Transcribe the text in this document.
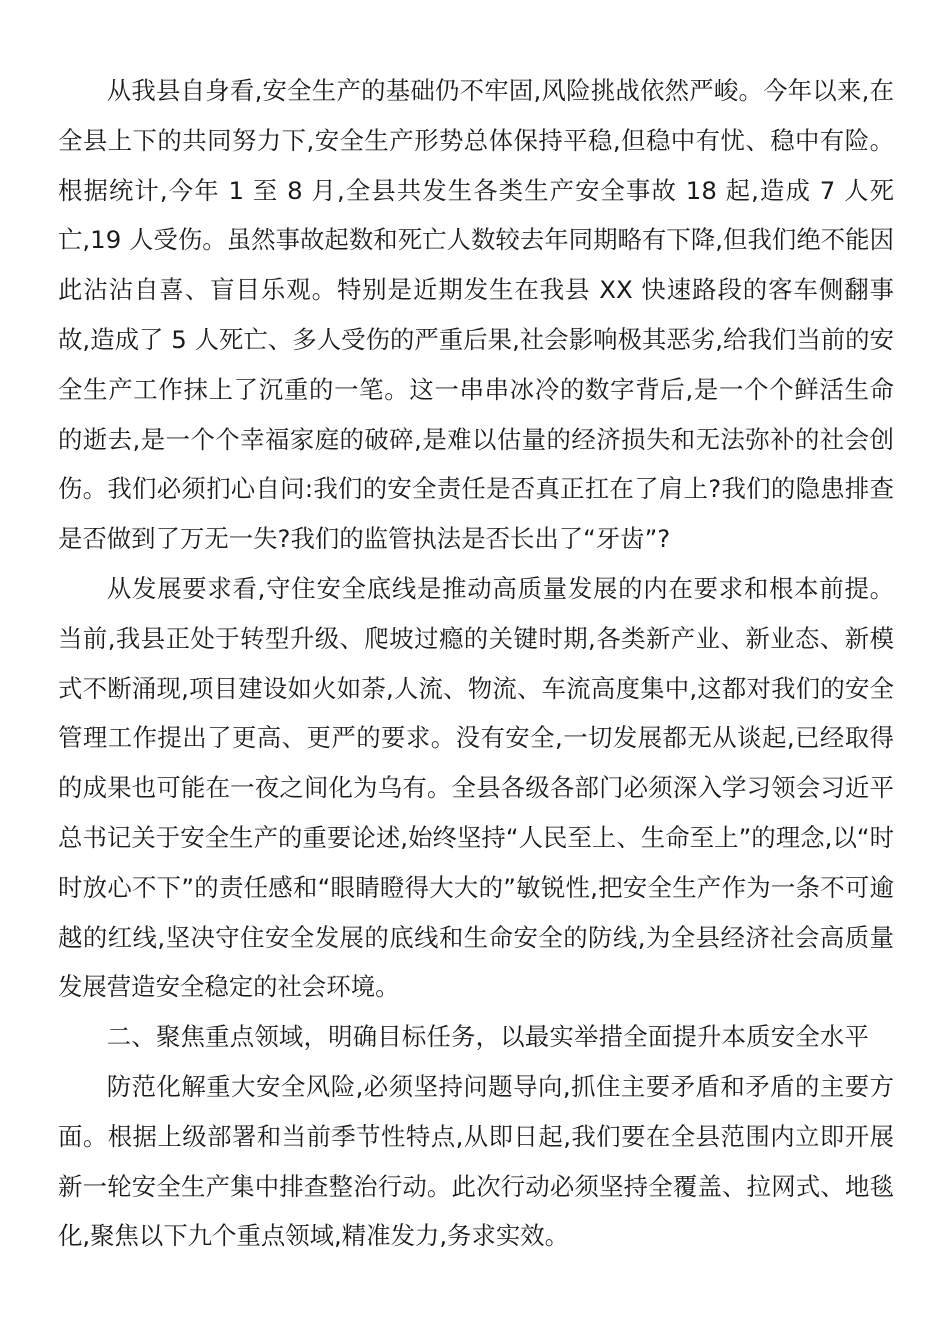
从我县自身看,安全生产的基础仍不牢固,风险挑战依然严峻。今年以来,在全县上下的共同努力下,安全生产形势总体保持平稳,但稳中有忧、稳中有险。根据统计,今年 1 至 8 月,全县共发生各类生产安全事故 18 起,造成 7 人死亡,19 人受伤。虽然事故起数和死亡人数较去年同期略有下降,但我们绝不能因此沾沾自喜、盲目乐观。特别是近期发生在我县 XX 快速路段的客车侧翻事故,造成了 5 人死亡、多人受伤的严重后果,社会影响极其恶劣,给我们当前的安全生产工作抹上了沉重的一笔。这一串串冰冷的数字背后,是一个个鲜活生命的逝去,是一个个幸福家庭的破碎,是难以估量的经济损失和无法弥补的社会创伤。我们必须扪心自问:我们的安全责任是否真正扛在了肩上?我们的隐患排查是否做到了万无一失?我们的监管执法是否长出了“牙齿”?

从发展要求看,守住安全底线是推动高质量发展的内在要求和根本前提。当前,我县正处于转型升级、爬坡过瘾的关键时期,各类新产业、新业态、新模式不断涌现,项目建设如火如荼,人流、物流、车流高度集中,这都对我们的安全管理工作提出了更高、更严的要求。没有安全,一切发展都无从谈起,已经取得的成果也可能在一夜之间化为乌有。全县各级各部门必须深入学习领会习近平总书记关于安全生产的重要论述,始终坚持“人民至上、生命至上”的理念,以“时时放心不下”的责任感和“眼睛瞪得大大的”敏锐性,把安全生产作为一条不可逾越的红线,坚决守住安全发展的底线和生命安全的防线,为全县经济社会高质量发展营造安全稳定的社会环境。

二、聚焦重点领域，明确目标任务，以最实举措全面提升本质安全水平

防范化解重大安全风险,必须坚持问题导向,抓住主要矛盾和矛盾的主要方面。根据上级部署和当前季节性特点,从即日起,我们要在全县范围内立即开展新一轮安全生产集中排查整治行动。此次行动必须坚持全覆盖、拉网式、地毯化,聚焦以下九个重点领域,精准发力,务求实效。
